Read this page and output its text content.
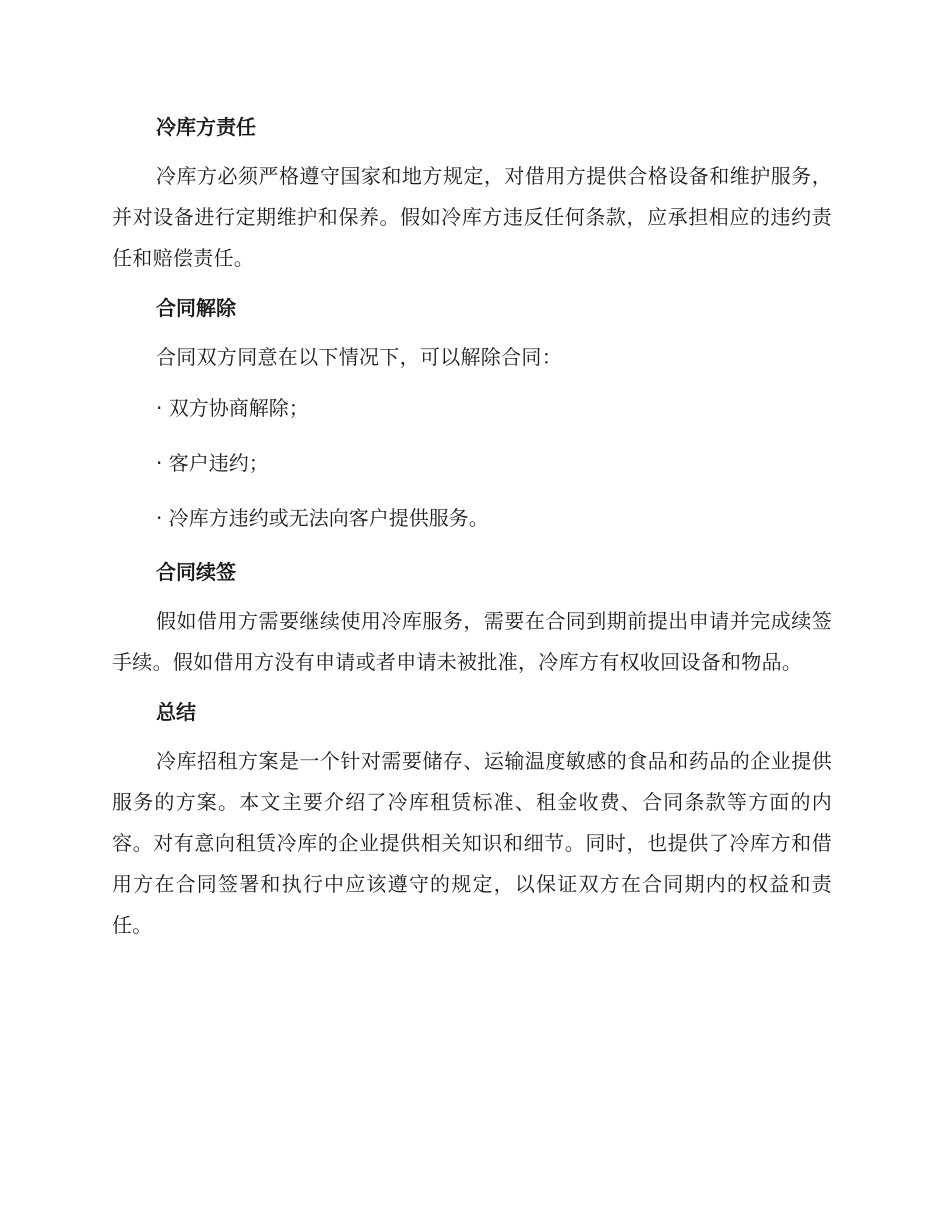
冷库方责任

冷库方必须严格遵守国家和地方规定，对借用方提供合格设备和维护服务，并对设备进行定期维护和保养。假如冷库方违反任何条款，应承担相应的违约责任和赔偿责任。

合同解除

合同双方同意在以下情况下，可以解除合同：

· 双方协商解除；
· 客户违约；
· 冷库方违约或无法向客户提供服务。
合同续签

假如借用方需要继续使用冷库服务，需要在合同到期前提出申请并完成续签手续。假如借用方没有申请或者申请未被批准，冷库方有权收回设备和物品。

总结

冷库招租方案是一个针对需要储存、运输温度敏感的食品和药品的企业提供服务的方案。本文主要介绍了冷库租赁标准、租金收费、合同条款等方面的内容。对有意向租赁冷库的企业提供相关知识和细节。同时，也提供了冷库方和借用方在合同签署和执行中应该遵守的规定，以保证双方在合同期内的权益和责任。
